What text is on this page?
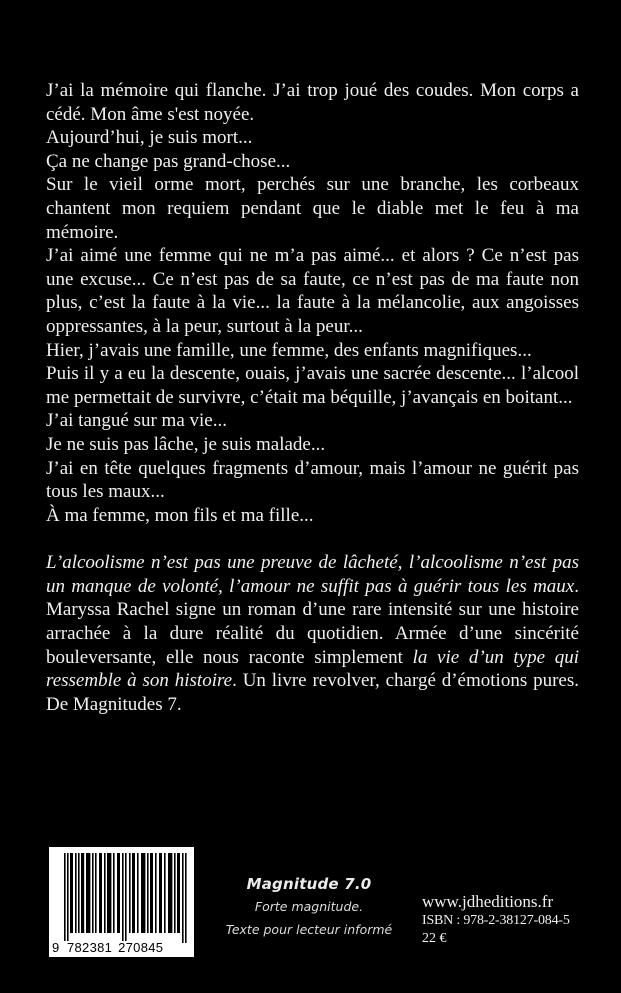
J’ai la mémoire qui flanche. J’ai trop joué des coudes. Mon corps a cédé. Mon âme s'est noyée.

Aujourd’hui, je suis mort...

Ça ne change pas grand-chose...

Sur le vieil orme mort, perchés sur une branche, les corbeaux chantent mon requiem pendant que le diable met le feu à ma mémoire.

J’ai aimé une femme qui ne m’a pas aimé... et alors ? Ce n’est pas une excuse... Ce n’est pas de sa faute, ce n’est pas de ma faute non plus, c’est la faute à la vie... la faute à la mélancolie, aux angoisses oppressantes, à la peur, surtout à la peur...

Hier, j’avais une famille, une femme, des enfants magnifiques...

Puis il y a eu la descente, ouais, j’avais une sacrée descente... l’alcool me permettait de survivre, c’était ma béquille, j’avançais en boitant...

J’ai tangué sur ma vie...

Je ne suis pas lâche, je suis malade...

J’ai en tête quelques fragments d’amour, mais l’amour ne guérit pas tous les maux...

À ma femme, mon fils et ma fille...

L’alcoolisme n’est pas une preuve de lâcheté, l’alcoolisme n’est pas un manque de volonté, l’amour ne suffit pas à guérir tous les maux. Maryssa Rachel signe un roman d’une rare intensité sur une histoire arrachée à la dure réalité du quotidien. Armée d’une sincérité bouleversante, elle nous raconte simplement la vie d’un type qui ressemble à son histoire. Un livre revolver, chargé d’émotions pures. De Magnitudes 7.

9 782381 270845
Magnitude 7.0
Forte magnitude.
Texte pour lecteur informé
www.jdheditions.fr
ISBN : 978-2-38127-084-5
22 €
